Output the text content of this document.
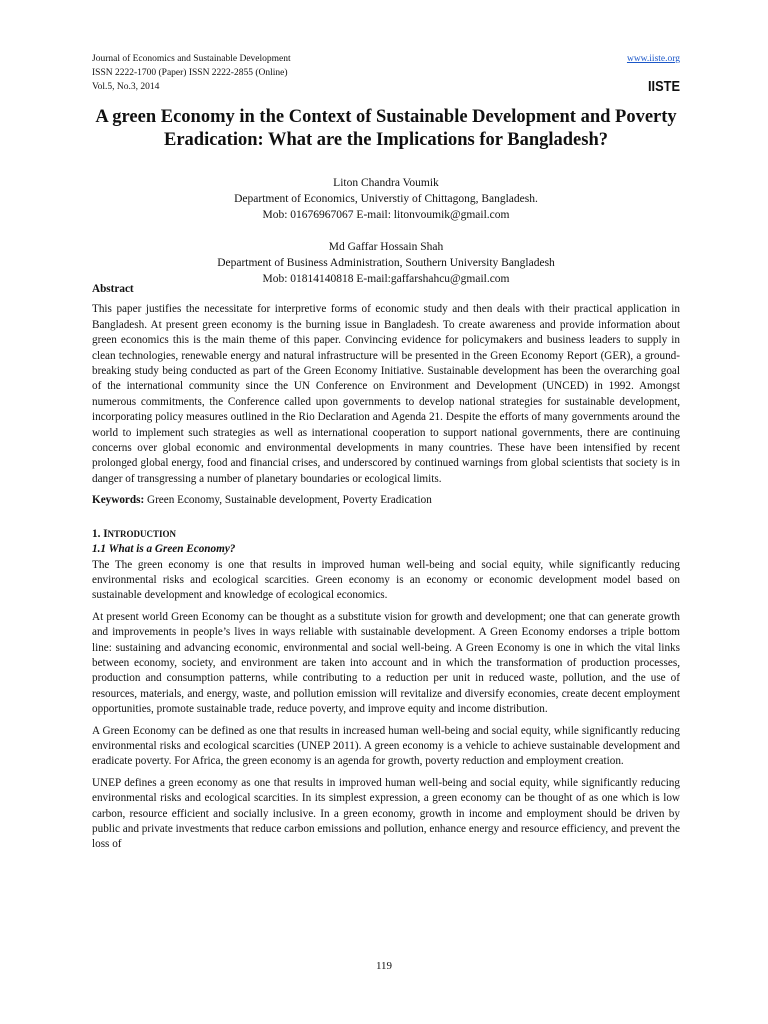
Journal of Economics and Sustainable Development
ISSN 2222-1700 (Paper) ISSN 2222-2855 (Online)
Vol.5, No.3, 2014
www.iiste.org
IISTE
A green Economy in the Context of Sustainable Development and Poverty Eradication: What are the Implications for Bangladesh?

Liton Chandra Voumik

Department of Economics, Universtiy of Chittagong, Bangladesh.

Mob: 01676967067 E-mail: litonvoumik@gmail.com

Md Gaffar Hossain Shah

Department of Business Administration, Southern University Bangladesh

Mob: 01814140818 E-mail:gaffarshahcu@gmail.com

Abstract

This paper justifies the necessitate for interpretive forms of economic study and then deals with their practical application in Bangladesh. At present green economy is the burning issue in Bangladesh. To create awareness and provide information about green economics this is the main theme of this paper. Convincing evidence for policymakers and business leaders to supply in clean technologies, renewable energy and natural infrastructure will be presented in the Green Economy Report (GER), a ground-breaking study being conducted as part of the Green Economy Initiative. Sustainable development has been the overarching goal of the international community since the UN Conference on Environment and Development (UNCED) in 1992. Amongst numerous commitments, the Conference called upon governments to develop national strategies for sustainable development, incorporating policy measures outlined in the Rio Declaration and Agenda 21. Despite the efforts of many governments around the world to implement such strategies as well as international cooperation to support national governments, there are continuing concerns over global economic and environmental developments in many countries. These have been intensified by recent prolonged global energy, food and financial crises, and underscored by continued warnings from global scientists that society is in danger of transgressing a number of planetary boundaries or ecological limits.

Keywords: Green Economy, Sustainable development, Poverty Eradication

1. INTRODUCTION

1.1 What is a Green Economy?

The The green economy is one that results in improved human well-being and social equity, while significantly reducing environmental risks and ecological scarcities. Green economy is an economy or economic development model based on sustainable development and knowledge of ecological economics.

At present world Green Economy can be thought as a substitute vision for growth and development; one that can generate growth and improvements in people’s lives in ways reliable with sustainable development. A Green Economy endorses a triple bottom line: sustaining and advancing economic, environmental and social well-being. A Green Economy is one in which the vital links between economy, society, and environment are taken into account and in which the transformation of production processes, production and consumption patterns, while contributing to a reduction per unit in reduced waste, pollution, and the use of resources, materials, and energy, waste, and pollution emission will revitalize and diversify economies, create decent employment opportunities, promote sustainable trade, reduce poverty, and improve equity and income distribution.

A Green Economy can be defined as one that results in increased human well-being and social equity, while significantly reducing environmental risks and ecological scarcities (UNEP 2011). A green economy is a vehicle to achieve sustainable development and eradicate poverty. For Africa, the green economy is an agenda for growth, poverty reduction and employment creation.

UNEP defines a green economy as one that results in improved human well-being and social equity, while significantly reducing environmental risks and ecological scarcities. In its simplest expression, a green economy can be thought of as one which is low carbon, resource efficient and socially inclusive. In a green economy, growth in income and employment should be driven by public and private investments that reduce carbon emissions and pollution, enhance energy and resource efficiency, and prevent the loss of

119
